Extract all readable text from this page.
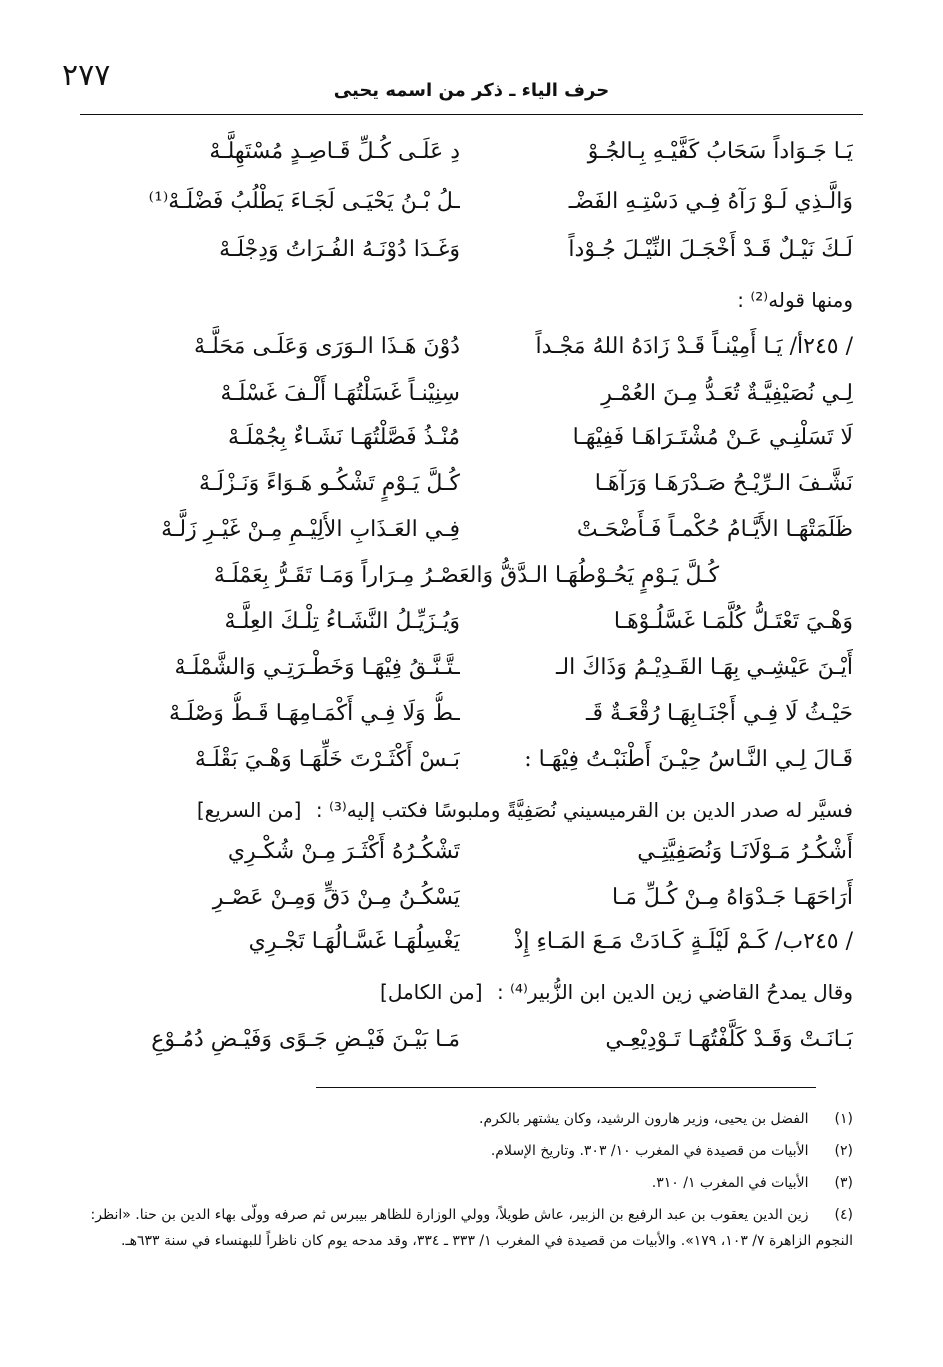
٢٧٧	حرف الياء ـ ذكر من اسمه يحيى
يَـا جَـوَاداً سَحَابُ كَفَّيْـهِ بِـالجُـوْ
دِ عَلَـى كُـلِّ قَـاصِـدٍ مُسْتَهِلَّـهْ
وَالَّـذِي لَـوْ رَآهُ فِـي دَسْتِـهِ الفَضْـ
ـلُ بْـنُ يَحْيَـى لَجَـاءَ يَطْلُبُ فَضْلَـهْ⁽¹⁾
لَـكَ نَيْـلٌ قَـدْ أَخْجَـلَ النِّيْـلَ جُـوْداً
وَغَـدَا دُوْنَـهُ الفُـرَاتُ وَدِجْلَـهْ
ومنها قوله⁽²⁾ :
/ ٢٤٥أ/ يَـا أَمِيْنـاً قَـدْ زَادَهُ اللهُ مَجْـداً
دُوْنَ هَـذَا الـوَرَى وَعَلَـى مَحَلَّـهْ
لِـي نُصَيْفِيَّـةٌ تُعَـدُّ مِـنَ العُمْـرِ
سِنِيْنـاً غَسَلْتُهَـا أَلْـفَ غَسْلَـهْ
لَا تَسَلْنِـي عَـنْ مُشْتَـرَاهَـا فَفِيْهَـا
مُنْـذُ فَصَّلْتُهَـا نَشَـاءٌ بِجُمْلَـهْ
نَشَّـفَ الـرِّيْـحُ صَـدْرَهَـا وَرَآهَـا
كُـلَّ يَـوْمٍ تَشْكُـو هَـوَاءً وَنَـزْلَـهْ
ظَلَمَتْهَـا الأَيَّـامُ حُكْمـاً فَـأَضْحَـتْ
فِـي العَـذَابِ الأَلِيْـمِ مِـنْ غَيْـرِ زَلَّـهْ
كُـلَّ يَـوْمٍ يَحُـوْطُهَـا الـدَّقُّ وَالعَصْـرُ مِـرَاراً وَمَـا تَقَـرُّ بِعَمْلَـهْ
وَهْـيَ تَعْتَـلُّ كُلَّمَـا غَسَّلُـوْهَـا
وَيُـزَيِّـلُ النَّشَـاءُ تِلْـكَ العِلَّـهْ
أَيْـنَ عَيْشِـي بِهَـا القَـدِيْـمُ وَذَاكَ الـ
ـتَّـنَّـقُ فِيْهَـا وَخَطْـرَتِـي وَالشَّمْلَـهْ
حَيْـثُ لَا فِـي أَجْنَـابِهَـا رُقْعَـةٌ قَـ
ـطُّ وَلَا فِـي أَكْمَـامِهَـا قَـطُّ وَصْلَـهْ
قَـالَ لِـي النَّـاسُ حِيْـنَ أَطْنَبْـتُ فِيْهَـا :
بَـسْ أَكْثَـرْتَ خَلِّهَـا وَهْـيَ بَقْلَـهْ
فسيَّر له صدر الدين بن القرميسيني نُصَفِيَّةً وملبوسًا فكتب إليه⁽³⁾ : [من السريع]
أَشْكُـرُ مَـوْلَانَـا وَنُصَفِيَّتِـي
تَشْكُـرُهُ أَكْثَـرَ مِـنْ شُكْـرِي
أَرَاحَهَـا جَـدْوَاهُ مِـنْ كُـلِّ مَـا
يَسْكُـنُ مِـنْ دَقٍّ وَمِـنْ عَصْـرِ
/ ٢٤٥ب/ كَـمْ لَيْلَـةٍ كَـادَتْ مَـعَ المَـاءِ إِذْ
يَغْسِلُهَـا غَسَّـالُهَـا تَجْـرِي
وقال يمدحُ القاضي زين الدين ابن الزُّبير⁽⁴⁾ : [من الكامل]
بَـانَـتْ وَقَـدْ كَلَّفْتُهَـا تَـوْدِيْعِـي
مَـا بَيْـنَ فَيْـضِ جَـوًى وَفَيْـضِ دُمُـوْعِ
(١) الفضل بن يحيى، وزير هارون الرشيد، وكان يشتهر بالكرم.
(٢) الأبيات من قصيدة في المغرب ١٠/ ٣٠٣. وتاريخ الإسلام.
(٣) الأبيات في المغرب ١/ ٣١٠.
(٤) زين الدين يعقوب بن عبد الرفيع بن الزبير، عاش طويلاً، وولي الوزارة للظاهر بيبرس ثم صرفه وولّى بهاء الدين بن حنا. «انظر: النجوم الزاهرة ٧/ ١٠٣، ١٧٩». والأبيات من قصيدة في المغرب ١/ ٣٣٣ ـ ٣٣٤، وقد مدحه يوم كان ناظراً للبهنساء في سنة ٦٣٣هـ.
